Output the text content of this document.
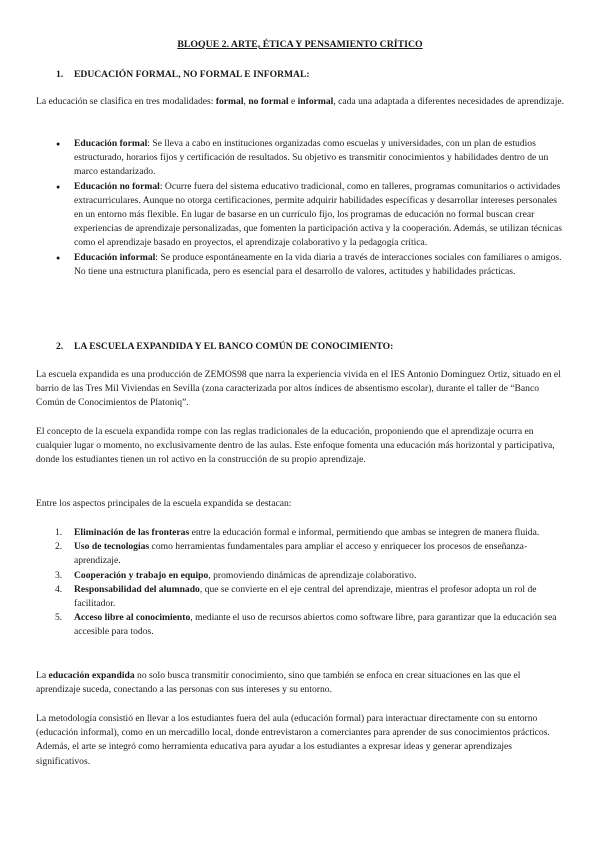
BLOQUE 2. ARTE, ÉTICA Y PENSAMIENTO CRÍTICO
1. EDUCACIÓN FORMAL, NO FORMAL E INFORMAL:

La educación se clasifica en tres modalidades: formal, no formal e informal, cada una adaptada a diferentes necesidades de aprendizaje.

● Educación formal: Se lleva a cabo en instituciones organizadas como escuelas y universidades, con un plan de estudios estructurado, horarios fijos y certificación de resultados. Su objetivo es transmitir conocimientos y habilidades dentro de un marco estandarizado.
● Educación no formal: Ocurre fuera del sistema educativo tradicional, como en talleres, programas comunitarios o actividades extracurriculares. Aunque no otorga certificaciones, permite adquirir habilidades específicas y desarrollar intereses personales en un entorno más flexible. En lugar de basarse en un currículo fijo, los programas de educación no formal buscan crear experiencias de aprendizaje personalizadas, que fomenten la participación activa y la cooperación. Además, se utilizan técnicas como el aprendizaje basado en proyectos, el aprendizaje colaborativo y la pedagogía crítica.
● Educación informal: Se produce espontáneamente en la vida diaria a través de interacciones sociales con familiares o amigos. No tiene una estructura planificada, pero es esencial para el desarrollo de valores, actitudes y habilidades prácticas.
2. LA ESCUELA EXPANDIDA Y EL BANCO COMÚN DE CONOCIMIENTO:

La escuela expandida es una producción de ZEMOS98 que narra la experiencia vivida en el IES Antonio Domínguez Ortiz, situado en el barrio de las Tres Mil Viviendas en Sevilla (zona caracterizada por altos índices de absentismo escolar), durante el taller de “Banco Común de Conocimientos de Platoniq”.

El concepto de la escuela expandida rompe con las reglas tradicionales de la educación, proponiendo que el aprendizaje ocurra en cualquier lugar o momento, no exclusivamente dentro de las aulas. Este enfoque fomenta una educación más horizontal y participativa, donde los estudiantes tienen un rol activo en la construcción de su propio aprendizaje.

Entre los aspectos principales de la escuela expandida se destacan:

1. Eliminación de las fronteras entre la educación formal e informal, permitiendo que ambas se integren de manera fluida.
2. Uso de tecnologías como herramientas fundamentales para ampliar el acceso y enriquecer los procesos de enseñanza-aprendizaje.
3. Cooperación y trabajo en equipo, promoviendo dinámicas de aprendizaje colaborativo.
4. Responsabilidad del alumnado, que se convierte en el eje central del aprendizaje, mientras el profesor adopta un rol de facilitador.
5. Acceso libre al conocimiento, mediante el uso de recursos abiertos como software libre, para garantizar que la educación sea accesible para todos.

La educación expandida no solo busca transmitir conocimiento, sino que también se enfoca en crear situaciones en las que el aprendizaje suceda, conectando a las personas con sus intereses y su entorno.

La metodología consistió en llevar a los estudiantes fuera del aula (educación formal) para interactuar directamente con su entorno (educación informal), como en un mercadillo local, donde entrevistaron a comerciantes para aprender de sus conocimientos prácticos. Además, el arte se integró como herramienta educativa para ayudar a los estudiantes a expresar ideas y generar aprendizajes significativos.
